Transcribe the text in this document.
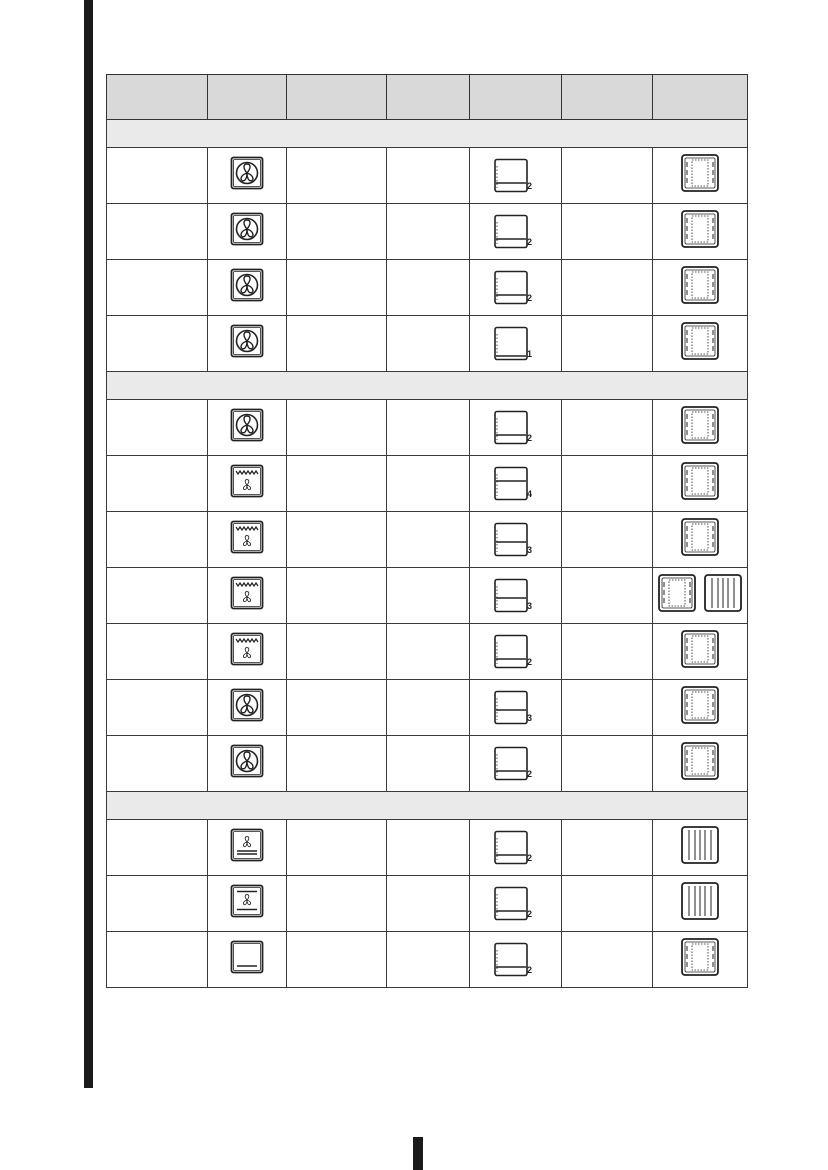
				$_2$		
				$_2$		
				$_2$		
				$_1$		

				$_2$		
				$_4$		
				$_3$		
				$_3$		
				$_2$		
				$_3$		
				$_2$		

				$_2$		
				$_2$		
				$_2$		
